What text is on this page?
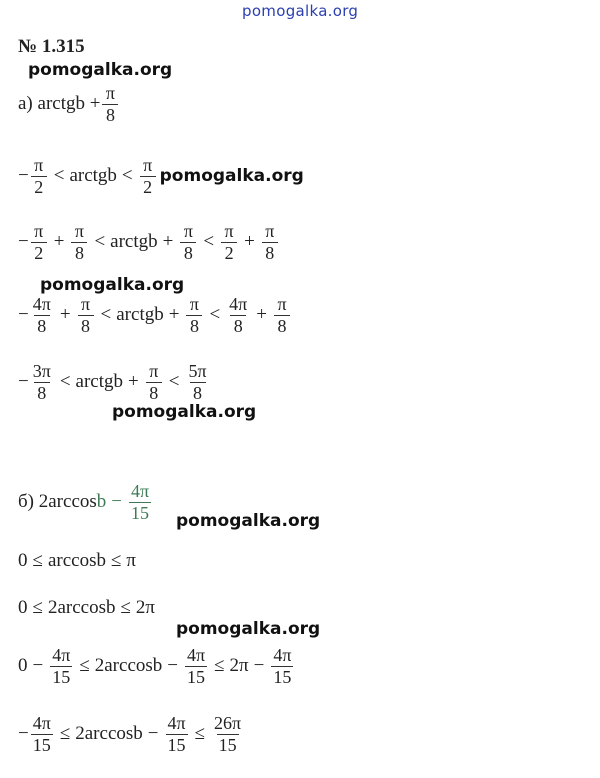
pomogalka.org
pomogalka.org
pomogalka.org
pomogalka.org
pomogalka.org
pomogalka.org
№ 1.315
а) arctgb + $\frac{\pi}{8}$
− $\frac{\pi}{2}$ < arctgb < $\frac{\pi}{2}$ pomogalka.org
− $\frac{\pi}{2} + \frac{\pi}{8}$ < arctgb + $\frac{\pi}{8} < \frac{\pi}{2} + \frac{\pi}{8}$
− $\frac{4\pi}{8} + \frac{\pi}{8}$ < arctgb + $\frac{\pi}{8} < \frac{4\pi}{8} + \frac{\pi}{8}$
− $\frac{3\pi}{8}$ < arctgb + $\frac{\pi}{8} < \frac{5\pi}{8}$
б) 2arccos $b - \frac{4\pi}{15}$
0 ≤ arccosb ≤ π
0 ≤ 2arccosb ≤ 2π
$0 - \frac{4\pi}{15} \le 2\arccos b - \frac{4\pi}{15} \le 2\pi - \frac{4\pi}{15}$
− $\frac{4\pi}{15} \le 2\arccos b - \frac{4\pi}{15} \le \frac{26\pi}{15}$
